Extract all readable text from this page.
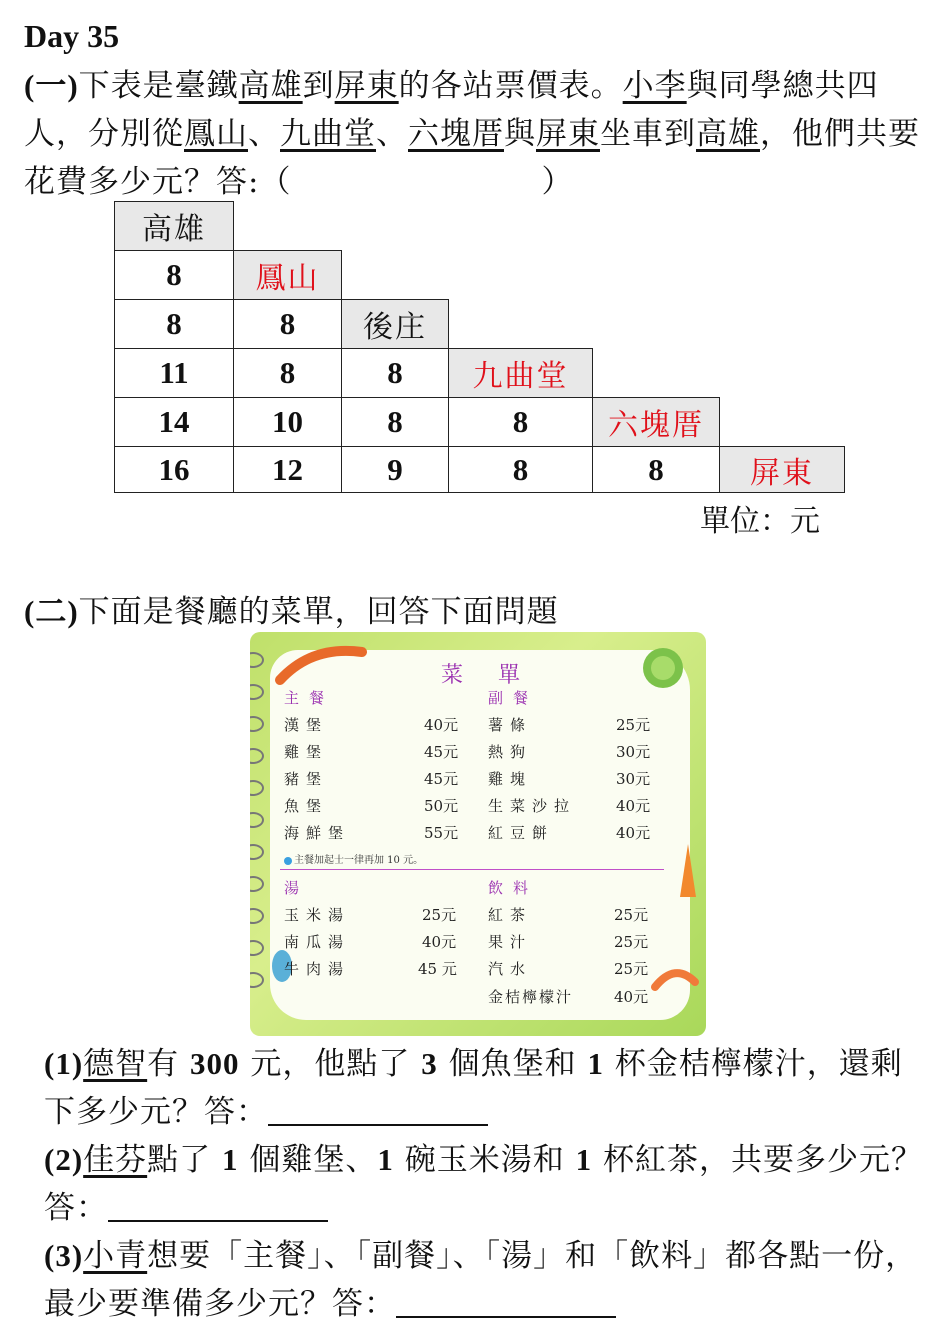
Day 35
(一)下表是臺鐵高雄到屏東的各站票價表。小李與同學總共四人，分別從鳳山、九曲堂、六塊厝與屏東坐車到高雄，他們共要花費多少元？答:（	）
高雄
8	鳳山
8	8	後庄
11	8	8	九曲堂
14	10	8	8	六塊厝
16	12	9	8	8	屏東
單位：元
(二)下面是餐廳的菜單，回答下面問題
菜 單
主餐	副餐
漢堡	40元
雞堡	45元
豬堡	45元
魚堡	50元
海鮮堡	55元
薯條	25元
熱狗	30元
雞塊	30元
生菜沙拉	40元
紅豆餅	40元
主餐加起士一律再加 10 元。
湯	飲料
玉米湯	25元
南瓜湯	40元
牛肉湯	45 元
紅茶	25元
果汁	25元
汽水	25元
金桔檸檬汁	40元
(1)德智有 300 元，他點了 3 個魚堡和 1 杯金桔檸檬汁，還剩下多少元？答：
(2)佳芬點了 1 個雞堡、1 碗玉米湯和 1 杯紅茶，共要多少元？答：
(3)小青想要「主餐」、「副餐」、「湯」和「飲料」都各點一份，最少要準備多少元？答：
